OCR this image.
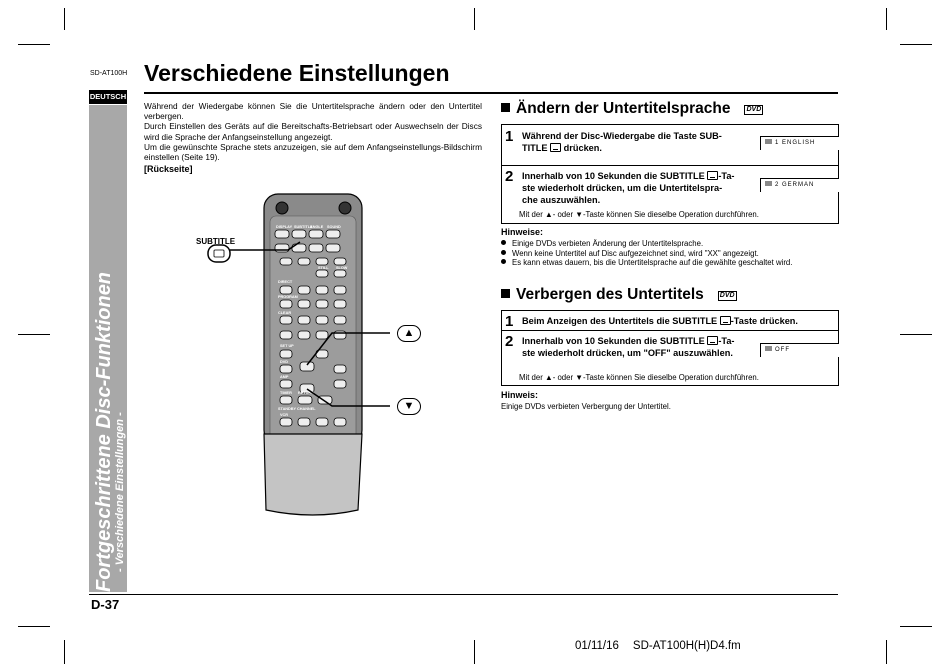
SD-AT100H
DEUTSCH
Fortgeschrittene Disc-Funktionen - Verschiedene Einstellungen -
Verschiedene Einstellungen

Während der Wiedergabe können Sie die Untertitelsprache ändern oder den Untertitel verbergen.

Durch Einstellen des Geräts auf die Bereitschafts-Betriebsart oder Auswechseln der Discs wird die Sprache der Anfangseinstellung angezeigt.

Um die gewünschte Sprache stets anzuzeigen, sie auf dem Anfangseinstellungs-Bildschirm einstellen (Seite 19).

[Rückseite]
DISPLAY SUBTITLE
ANGLE SOUND
STILL SLOW
DIRECT
PROGRAM
CLEAR
SET UP
DVD
AMP
TIMER RETURN
STANDBY CHANNEL
VCR
SUBTITLE
▲
▼
Ändern der Untertitelsprache DVD
1 Während der Disc-Wiedergabe die Taste SUB-
TITLE drücken.	1 ENGLISH
2 Innerhalb von 10 Sekunden die SUBTITLE -Ta-
ste wiederholt drücken, um die Untertitelspra-
che auszuwählen.
2 GERMAN
Mit der ▲- oder ▼-Taste können Sie dieselbe Operation durchführen.
Hinweise:
Einige DVDs verbieten Änderung der Untertitelsprache.
Wenn keine Untertitel auf Disc aufgezeichnet sind, wird "XX" angezeigt.
Es kann etwas dauern, bis die Untertitelsprache auf die gewählte geschaltet wird.
Verbergen des Untertitels DVD
1 Beim Anzeigen des Untertitels die SUBTITLE -Taste drücken.
2 Innerhalb von 10 Sekunden die SUBTITLE -Ta-
ste wiederholt drücken, um "OFF" auszuwählen.	OFF
Mit der ▲- oder ▼-Taste können Sie dieselbe Operation durchführen.
Hinweis:
Einige DVDs verbieten Verbergung der Untertitel.
D-37
01/11/16 SD-AT100H(H)D4.fm
